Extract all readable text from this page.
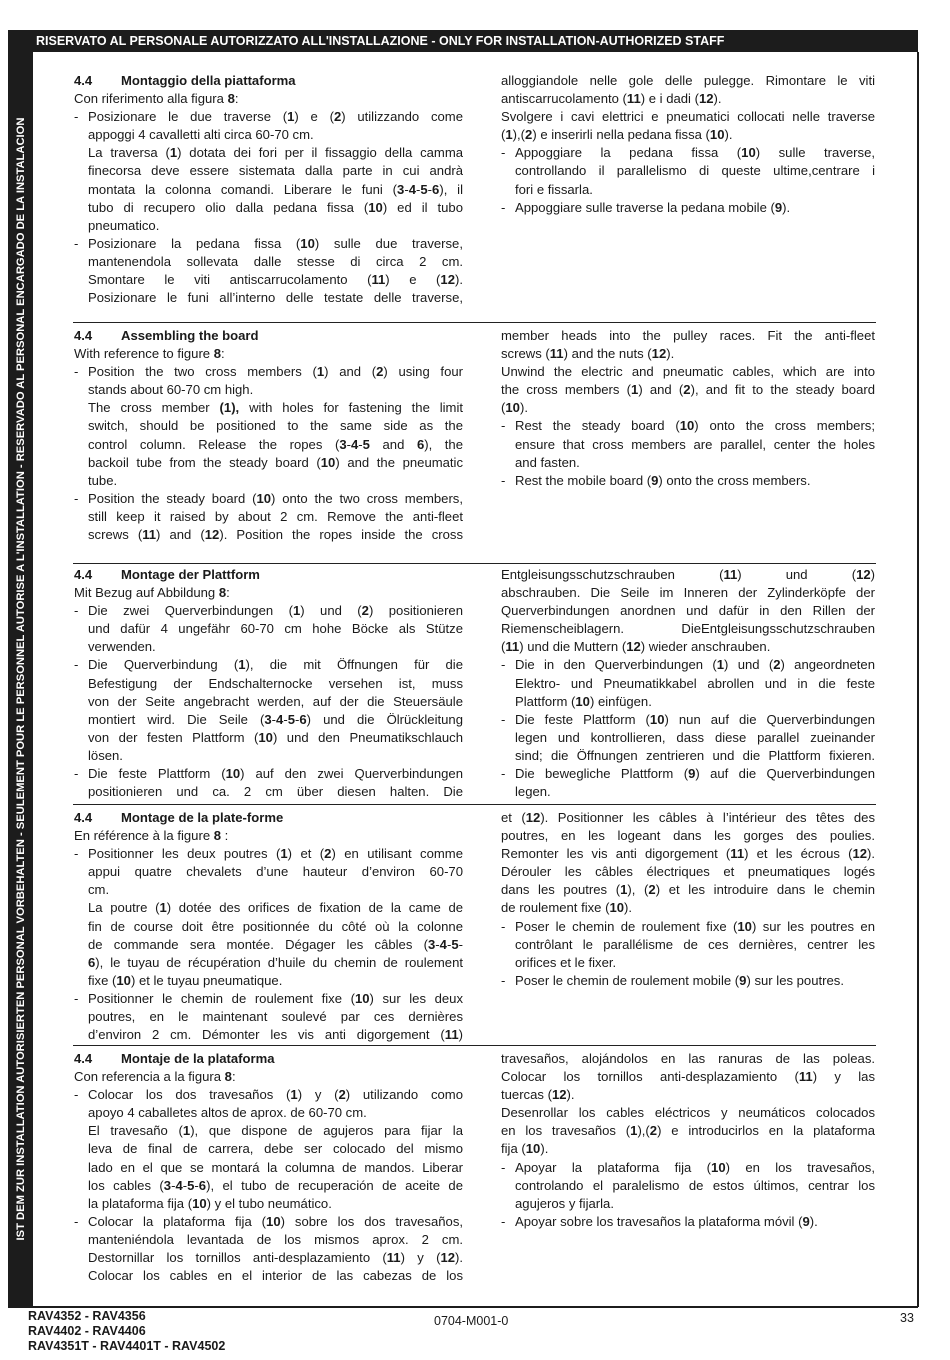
RISERVATO AL PERSONALE AUTORIZZATO ALL'INSTALLAZIONE - ONLY FOR INSTALLATION-AUTHORIZED STAFF
IST DEM ZUR INSTALLATION AUTORISIERTEN PERSONAL VORBEHALTEN - SEULEMENT POUR LE PERSONNEL AUTORISE A L'INSTALLATION - RESERVADO AL PERSONAL ENCARGADO DE LA INSTALACION
4.4 Montaggio della piattaforma
Con riferimento alla figura 8:
- Posizionare le due traverse (1) e (2) utilizzando come
appoggi 4 cavalletti alti circa 60-70 cm.
La traversa (1) dotata dei fori per il fissaggio della camma
finecorsa deve essere sistemata dalla parte in cui andrà
montata la colonna comandi. Liberare le funi (3-4-5-6), il
tubo di recupero olio dalla pedana fissa (10) ed il tubo
pneumatico.
- Posizionare la pedana fissa (10) sulle due traverse,
mantenendola sollevata dalle stesse di circa 2 cm.
Smontare le viti antiscarrucolamento (11) e (12).
Posizionare le funi all’interno delle testate delle traverse,
alloggiandole nelle gole delle pulegge. Rimontare le viti
antiscarrucolamento (11) e i dadi (12).
Svolgere i cavi elettrici e pneumatici collocati nelle traverse
(1),(2) e inserirli nella pedana fissa (10).
- Appoggiare la pedana fissa (10) sulle traverse,
controllando il parallelismo di queste ultime,centrare i
fori e fissarla.
- Appoggiare sulle traverse la pedana mobile (9).
4.4 Assembling the board
With reference to figure 8:
- Position the two cross members (1) and (2) using four
stands about 60-70 cm high.
The cross member (1), with holes for fastening the limit
switch, should be positioned to the same side as the
control column. Release the ropes (3-4-5 and 6), the
backoil tube from the steady board (10) and the pneumatic
tube.
- Position the steady board (10) onto the two cross members,
still keep it raised by about 2 cm. Remove the anti-fleet
screws (11) and (12). Position the ropes inside the cross
member heads into the pulley races. Fit the anti-fleet
screws (11) and the nuts (12).
Unwind the electric and pneumatic cables, which are into
the cross members (1) and (2), and fit to the steady board
(10).
- Rest the steady board (10) onto the cross members;
ensure that cross members are parallel, center the holes
and fasten.
- Rest the mobile board (9) onto the cross members.
4.4 Montage der Plattform
Mit Bezug auf Abbildung 8:
- Die zwei Querverbindungen (1) und (2) positionieren
und dafür 4 ungefähr 60-70 cm hohe Böcke als Stütze
verwenden.
- Die Querverbindung (1), die mit Öffnungen für die
Befestigung der Endschalternocke versehen ist, muss
von der Seite angebracht werden, auf der die Steuersäule
montiert wird. Die Seile (3-4-5-6) und die Ölrückleitung
von der festen Plattform (10) und den Pneumatikschlauch
lösen.
- Die feste Plattform (10) auf den zwei Querverbindungen
positionieren und ca. 2 cm über diesen halten. Die
Entgleisungsschutzschrauben (11) und (12)
abschrauben. Die Seile im Inneren der Zylinderköpfe der
Querverbindungen anordnen und dafür in den Rillen der
Riemenscheiblagern. DieEntgleisungsschutzschrauben
(11) und die Muttern (12) wieder anschrauben.
- Die in den Querverbindungen (1) und (2) angeordneten
Elektro- und Pneumatikkabel abrollen und in die feste
Plattform (10) einfügen.
- Die feste Plattform (10) nun auf die Querverbindungen
legen und kontrollieren, dass diese parallel zueinander
sind; die Öffnungen zentrieren und die Plattform fixieren.
- Die bewegliche Plattform (9) auf die Querverbindungen
legen.
4.4 Montage de la plate-forme
En référence à la figure 8 :
- Positionner les deux poutres (1) et (2) en utilisant comme
appui quatre chevalets d’une hauteur d’environ 60-70
cm.
La poutre (1) dotée des orifices de fixation de la came de
fin de course doit être positionnée du côté où la colonne
de commande sera montée. Dégager les câbles (3-4-5-
6), le tuyau de récupération d’huile du chemin de roulement
fixe (10) et le tuyau pneumatique.
- Positionner le chemin de roulement fixe (10) sur les deux
poutres, en le maintenant soulevé par ces dernières
d’environ 2 cm. Démonter les vis anti digorgement (11)
et (12). Positionner les câbles à l’intérieur des têtes des
poutres, en les logeant dans les gorges des poulies.
Remonter les vis anti digorgement (11) et les écrous (12).
Dérouler les câbles électriques et pneumatiques logés
dans les poutres (1), (2) et les introduire dans le chemin
de roulement fixe (10).
- Poser le chemin de roulement fixe (10) sur les poutres en
contrôlant le parallélisme de ces dernières, centrer les
orifices et le fixer.
- Poser le chemin de roulement mobile (9) sur les poutres.
4.4 Montaje de la plataforma
Con referencia a la figura 8:
- Colocar los dos travesaños (1) y (2) utilizando como
apoyo 4 caballetes altos de aprox. de 60-70 cm.
El travesaño (1), que dispone de agujeros para fijar la
leva de final de carrera, debe ser colocado del mismo
lado en el que se montará la columna de mandos. Liberar
los cables (3-4-5-6), el tubo de recuperación de aceite de
la plataforma fija (10) y el tubo neumático.
- Colocar la plataforma fija (10) sobre los dos travesaños,
manteniéndola levantada de los mismos aprox. 2 cm.
Destornillar los tornillos anti-desplazamiento (11) y (12).
Colocar los cables en el interior de las cabezas de los
travesaños, alojándolos en las ranuras de las poleas.
Colocar los tornillos anti-desplazamiento (11) y las
tuercas (12).
Desenrollar los cables eléctricos y neumáticos colocados
en los travesaños (1),(2) e introducirlos en la plataforma
fija (10).
- Apoyar la plataforma fija (10) en los travesaños,
controlando el paralelismo de estos últimos, centrar los
agujeros y fijarla.
- Apoyar sobre los travesaños la plataforma móvil (9).
RAV4352 - RAV4356
RAV4402 - RAV4406
RAV4351T - RAV4401T - RAV4502
0704-M001-0	33
